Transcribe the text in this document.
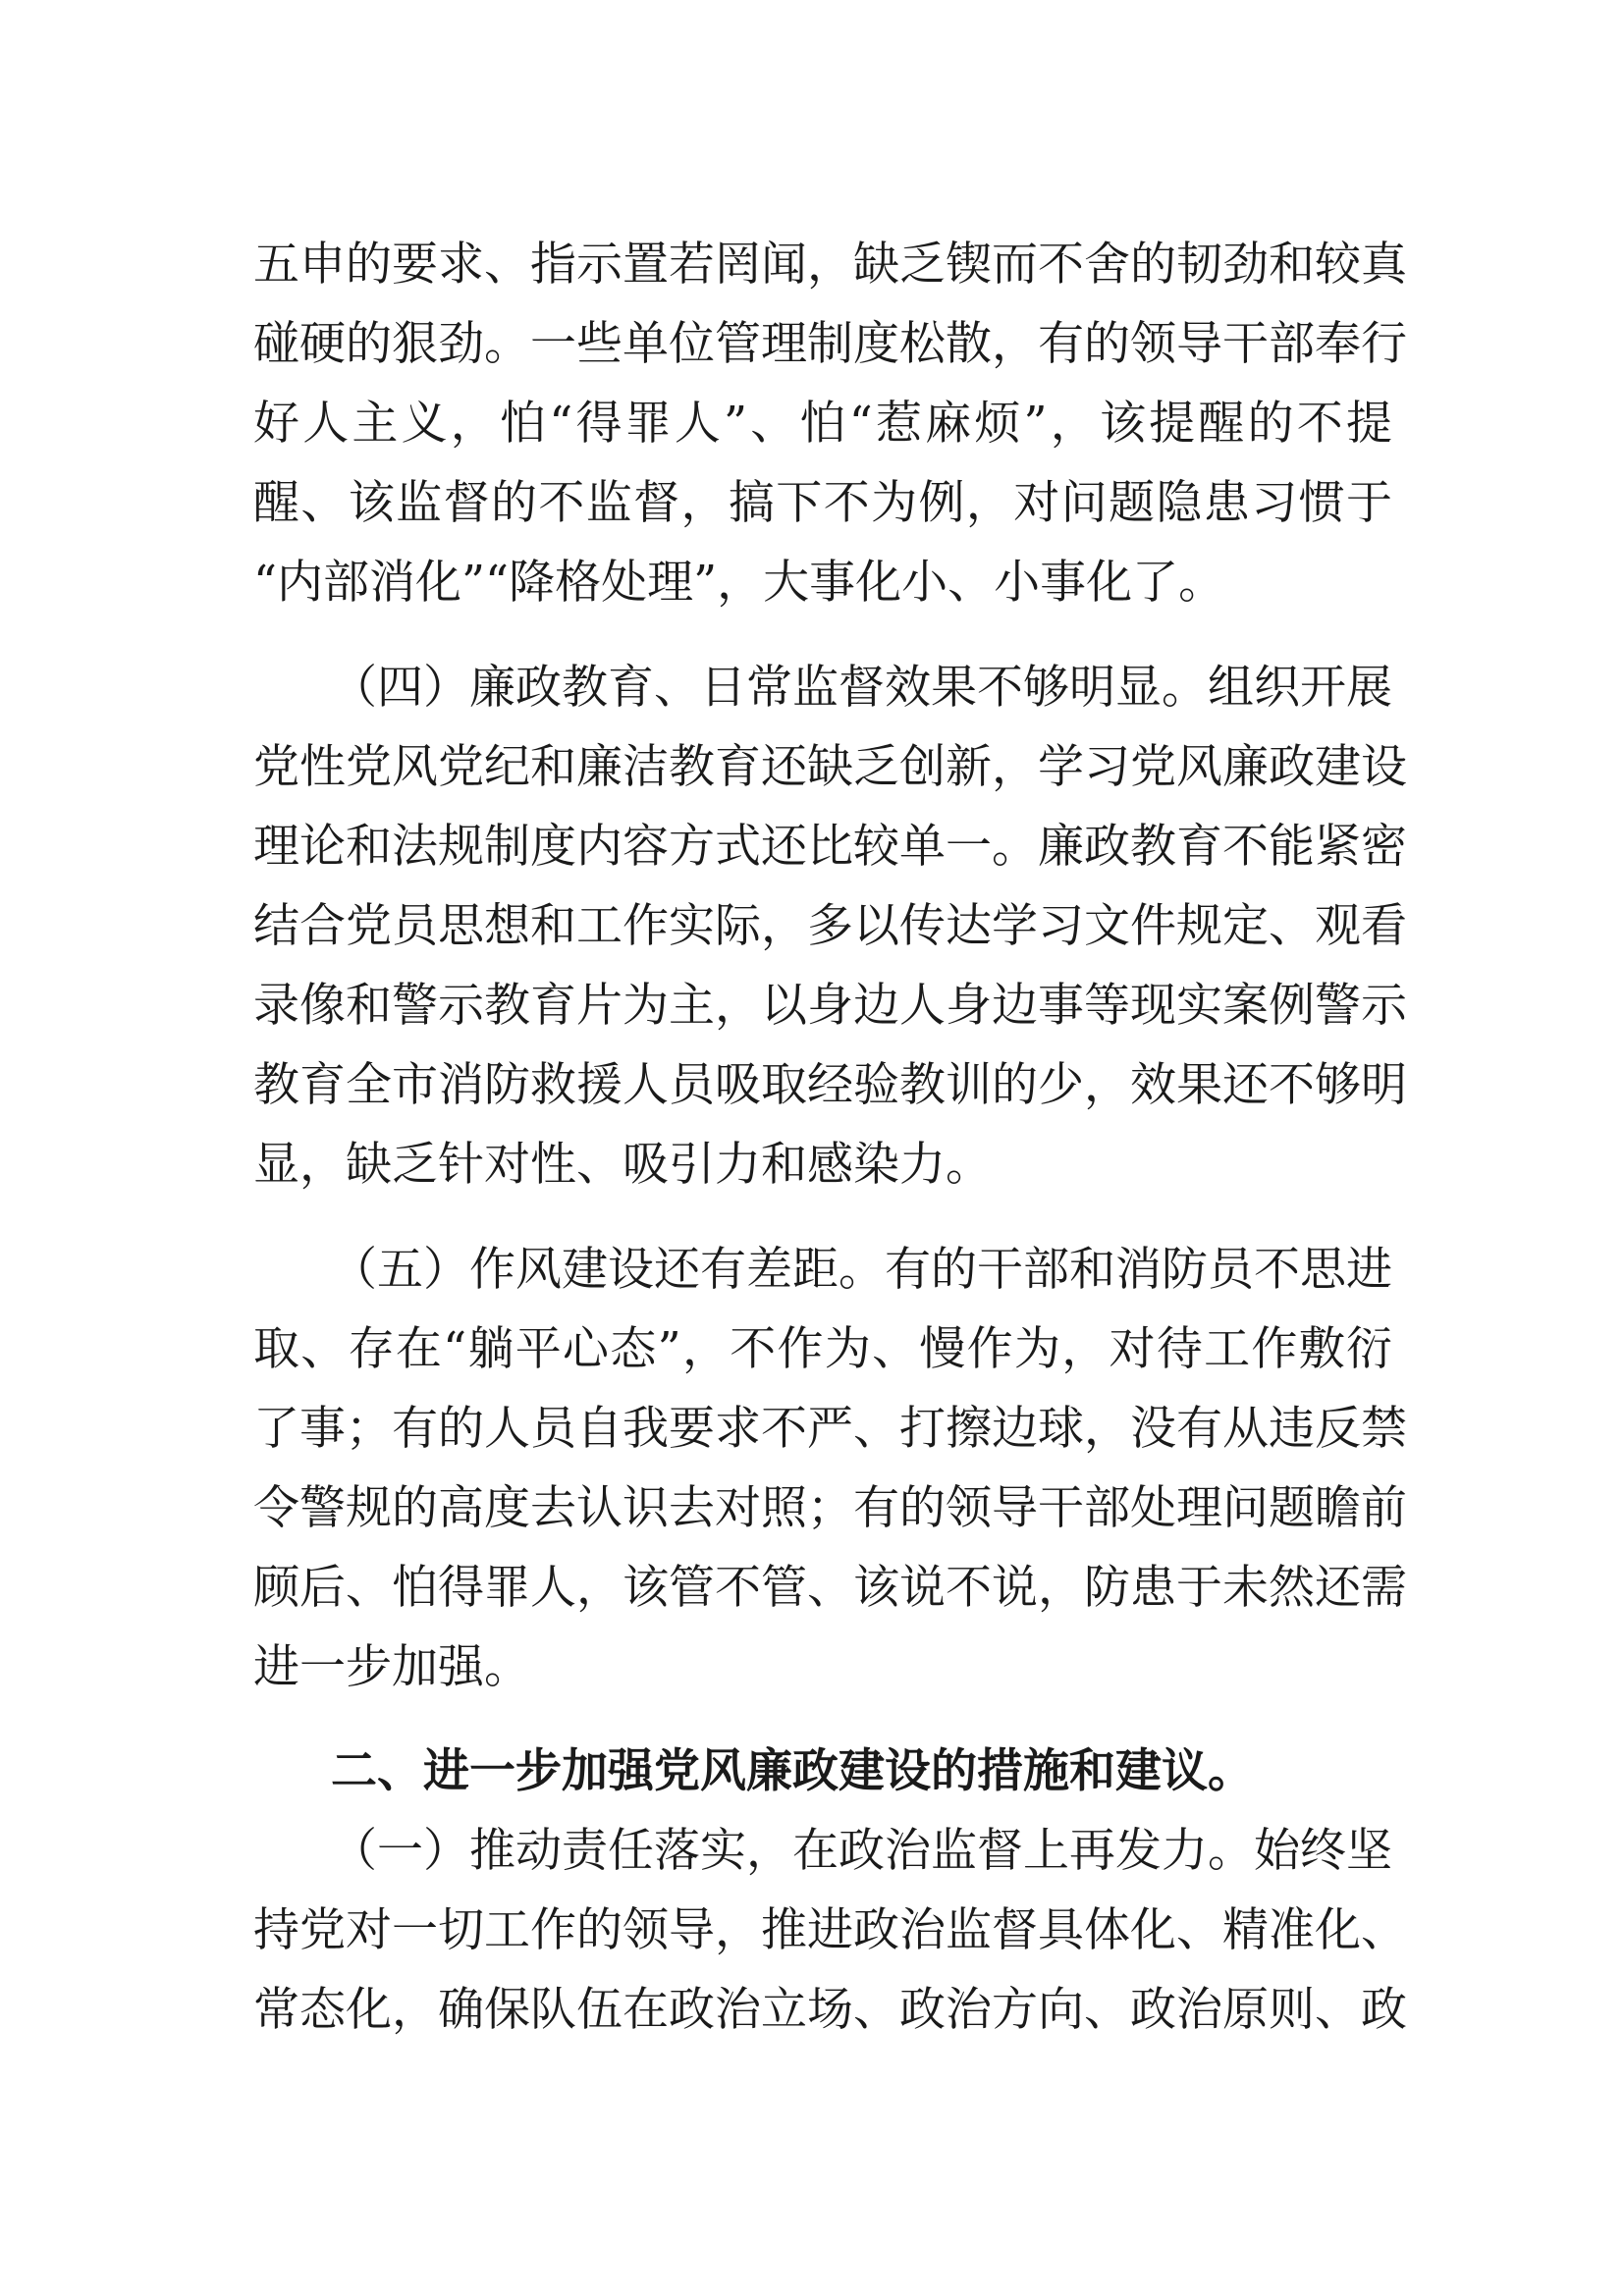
五申的要求、指示置若罔闻，缺乏锲而不舍的韧劲和较真
碰硬的狠劲。一些单位管理制度松散，有的领导干部奉行
好人主义，怕“得罪人”、怕“惹麻烦”，该提醒的不提
醒、该监督的不监督，搞下不为例，对问题隐患习惯于
“内部消化”“降格处理”，大事化小、小事化了。
（四）廉政教育、日常监督效果不够明显。组织开展
党性党风党纪和廉洁教育还缺乏创新，学习党风廉政建设
理论和法规制度内容方式还比较单一。廉政教育不能紧密
结合党员思想和工作实际，多以传达学习文件规定、观看
录像和警示教育片为主，以身边人身边事等现实案例警示
教育全市消防救援人员吸取经验教训的少，效果还不够明
显，缺乏针对性、吸引力和感染力。
（五）作风建设还有差距。有的干部和消防员不思进
取、存在“躺平心态”，不作为、慢作为，对待工作敷衍
了事；有的人员自我要求不严、打擦边球，没有从违反禁
令警规的高度去认识去对照；有的领导干部处理问题瞻前
顾后、怕得罪人，该管不管、该说不说，防患于未然还需
进一步加强。
二、进一步加强党风廉政建设的措施和建议。
（一）推动责任落实，在政治监督上再发力。始终坚
持党对一切工作的领导，推进政治监督具体化、精准化、
常态化，确保队伍在政治立场、政治方向、政治原则、政
